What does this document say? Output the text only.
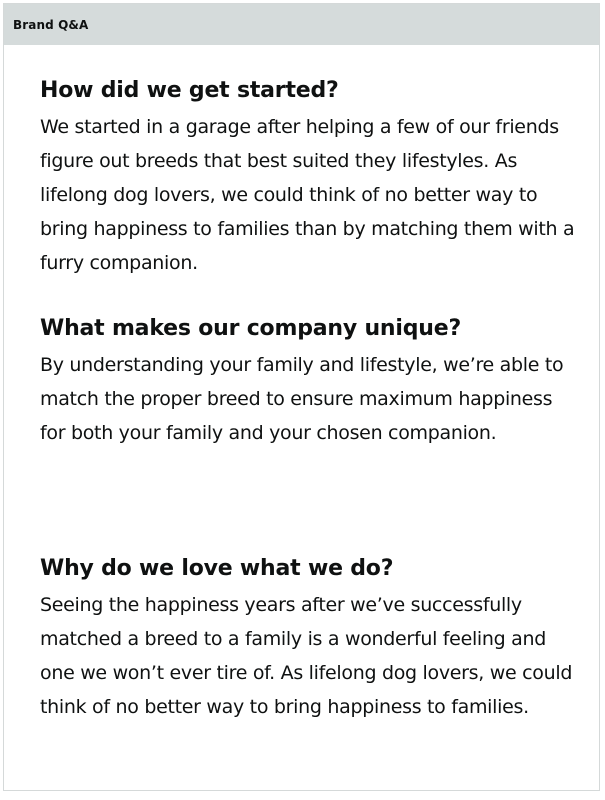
Brand Q&A
How did we get started?

We started in a garage after helping a few of our friends figure out breeds that best suited they lifestyles. As lifelong dog lovers, we could think of no better way to bring happiness to families than by matching them with a furry companion.

What makes our company unique?

By understanding your family and lifestyle, we’re able to match the proper breed to ensure maximum happiness for both your family and your chosen companion.

Why do we love what we do?

Seeing the happiness years after we’ve successfully matched a breed to a family is a wonderful feeling and one we won’t ever tire of. As lifelong dog lovers, we could think of no better way to bring happiness to families.
